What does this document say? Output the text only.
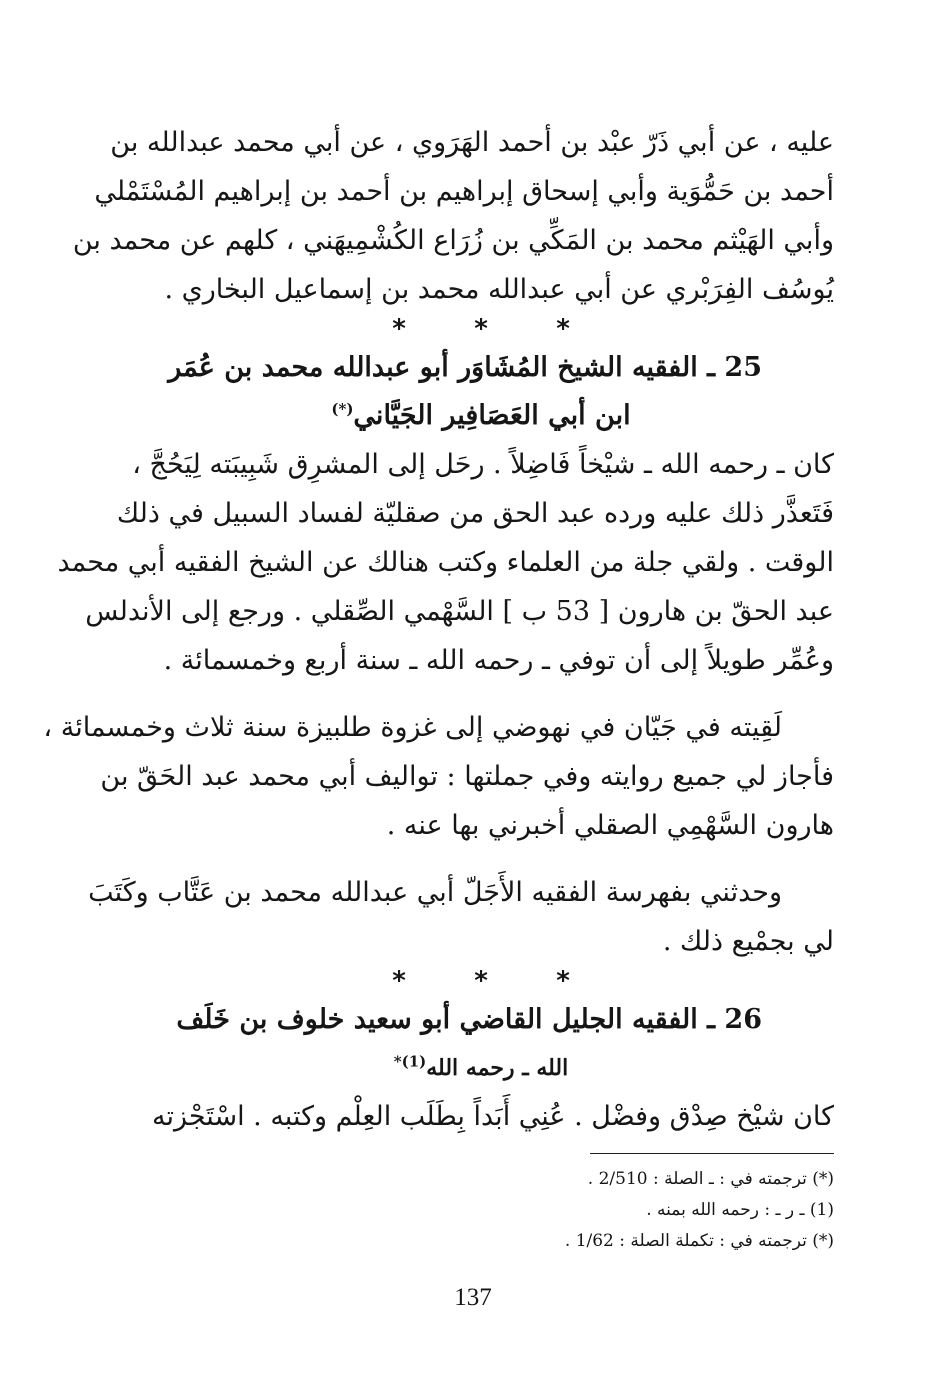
عليه ، عن أبي ذَرّ عبْد بن أحمد الهَرَوي ، عن أبي محمد عبدالله بن
أحمد بن حَمُّوَية وأبي إسحاق إبراهيم بن أحمد بن إبراهيم المُسْتَمْلي
وأبي الهَيْثم محمد بن المَكِّي بن زُرَاع الكُشْمِيهَني ، كلهم عن محمد بن
يُوسُف الفِرَبْري عن أبي عبدالله محمد بن إسماعيل البخاري .
*	*	*
25 ـ الفقيه الشيخ المُشَاوَر أبو عبدالله محمد بن عُمَر
ابن أبي العَصَافِير الجَيَّاني(*)
كان ـ رحمه الله ـ شيْخاً فَاضِلاً . رحَل إلى المشرِق شَبِيبَته لِيَحُجَّ ،
فَتَعذَّر ذلك عليه ورده عبد الحق من صقليّة لفساد السبيل في ذلك
الوقت . ولقي جلة من العلماء وكتب هنالك عن الشيخ الفقيه أبي محمد
عبد الحقّ بن هارون [ 53 ب ] السَّهْمي الصِّقلي . ورجع إلى الأندلس
وعُمِّر طويلاً إلى أن توفي ـ رحمه الله ـ سنة أربع وخمسمائة .
لَقِيته في جَيّان في نهوضي إلى غزوة طلبيزة سنة ثلاث وخمسمائة ،
فأجاز لي جميع روايته وفي جملتها : تواليف أبي محمد عبد الحَقّ بن
هارون السَّهْمِي الصقلي أخبرني بها عنه .
وحدثني بفهرسة الفقيه الأَجَلّ أبي عبدالله محمد بن عَتَّاب وكَتَبَ
لي بجمْيع ذلك .
*	*	*
26 ـ الفقيه الجليل القاضي أبو سعيد خلوف بن خَلَف
الله ـ رحمه الله$^{(1)*}$
كان شيْخ صِدْق وفضْل . عُنِي أَبَداً بِطَلَب العِلْم وكتبه . اسْتَجْزته
(*) ترجمته في : ـ الصلة : 2/510 .
(1) ـ ر ـ : رحمه الله بمنه .
(*) ترجمته في : تكملة الصلة : 1/62 .
137
